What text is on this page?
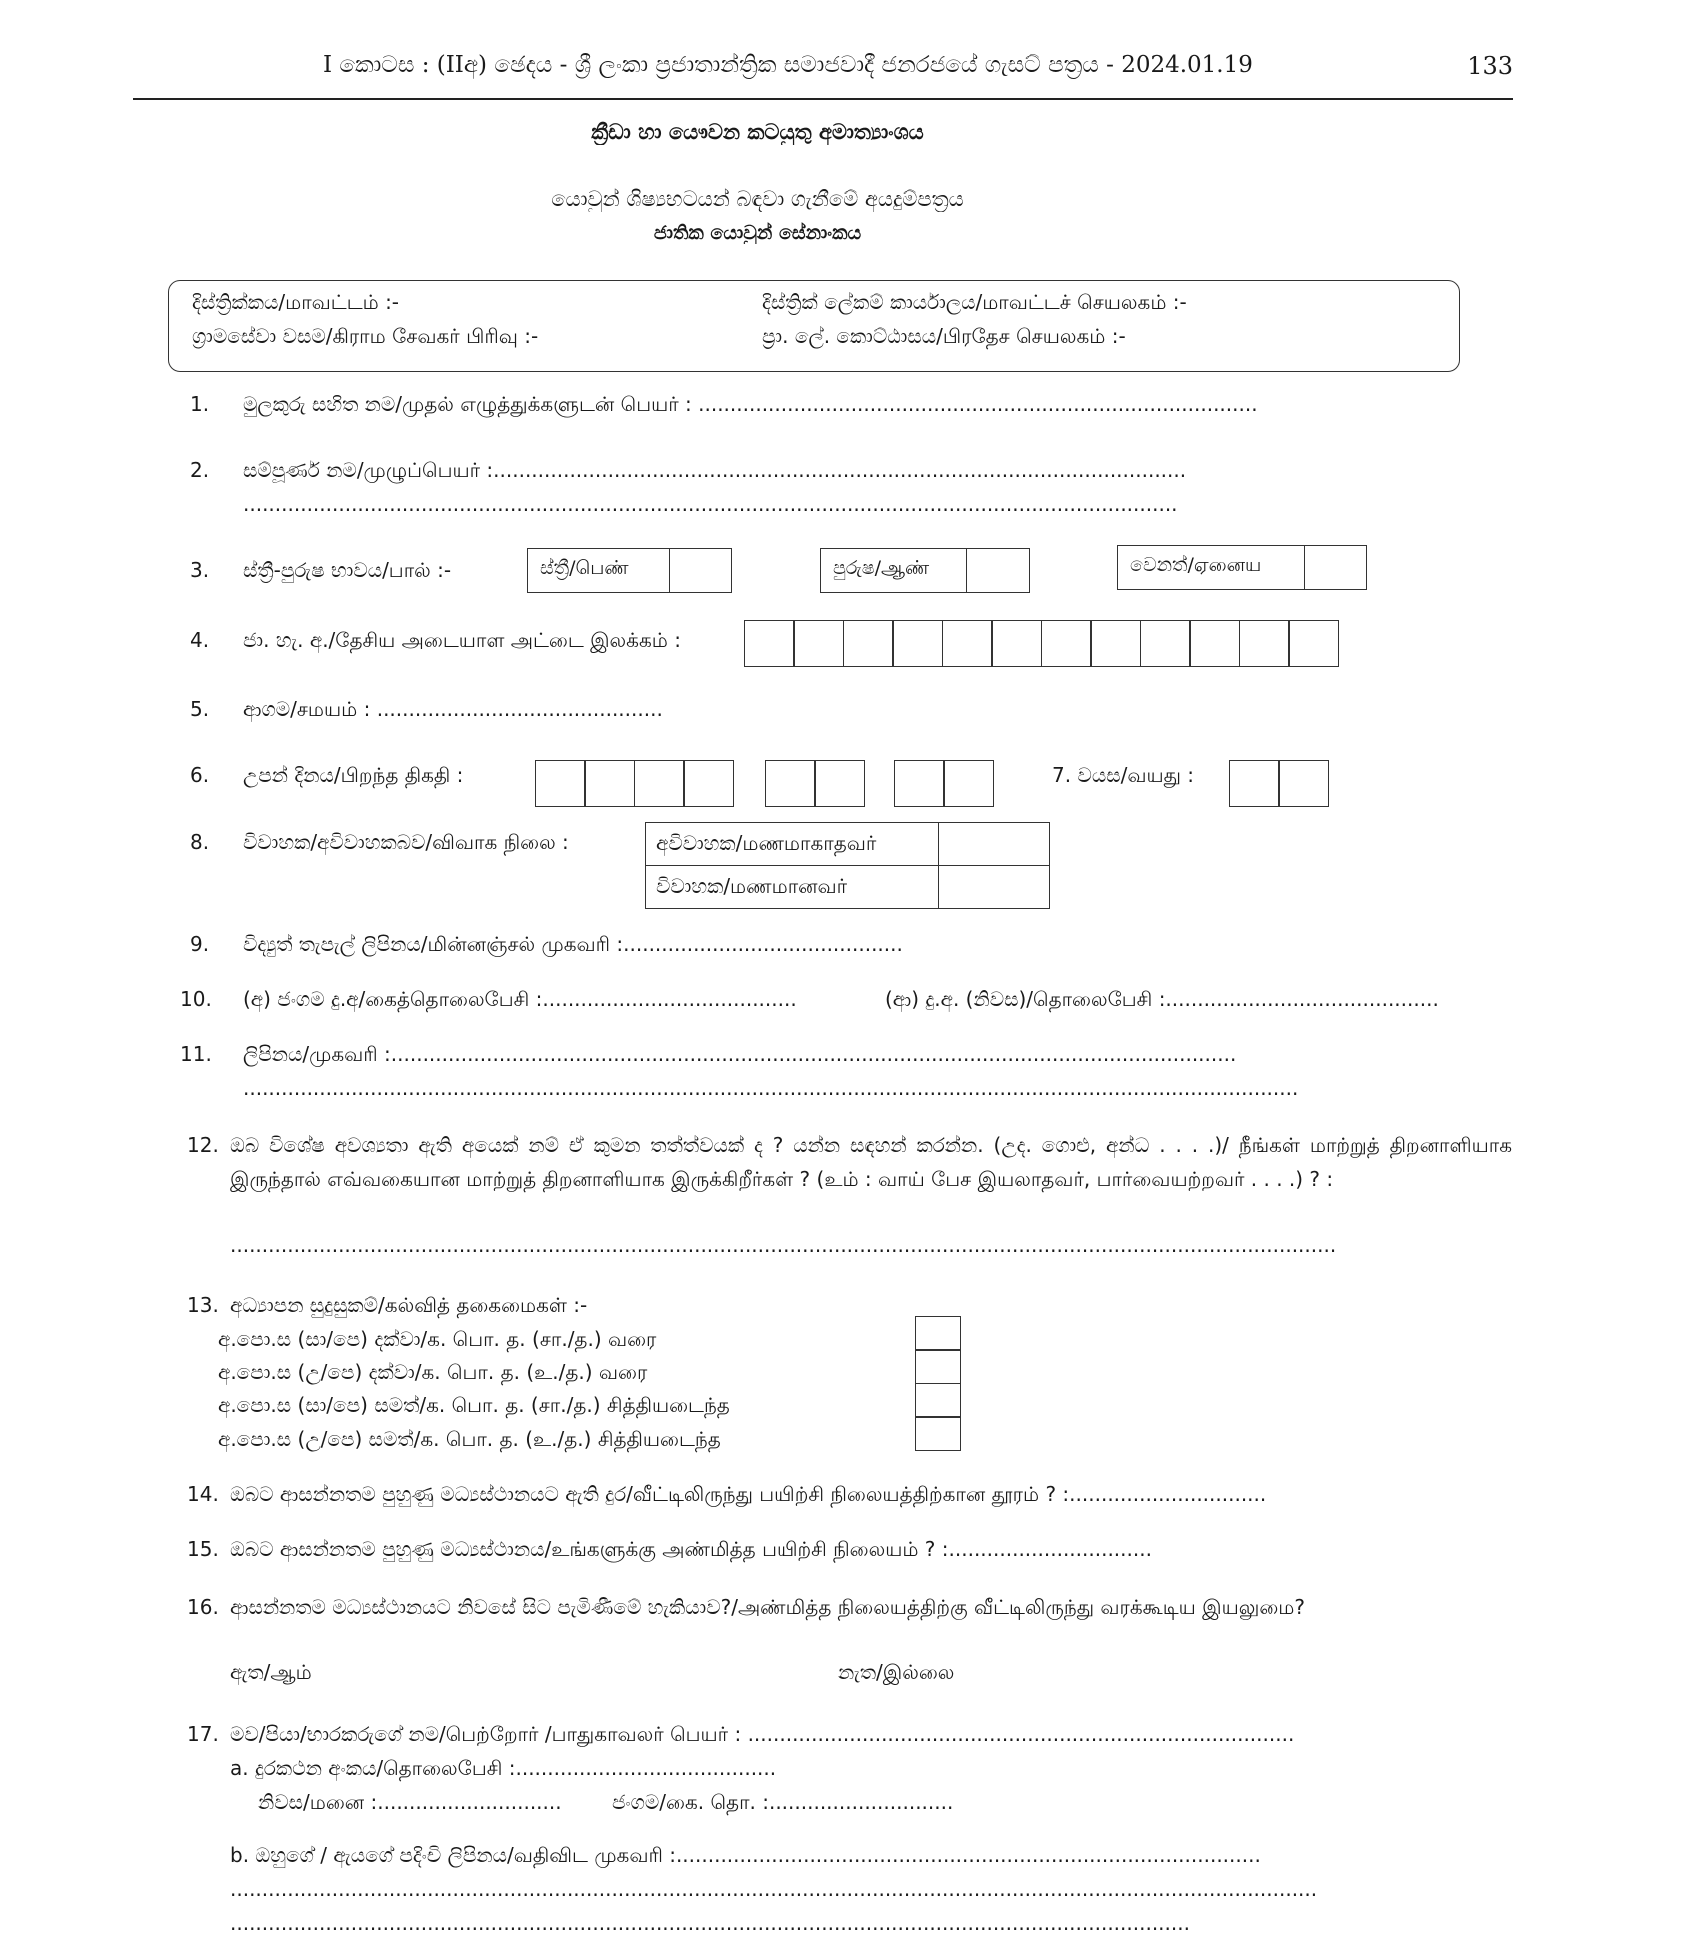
I කොටස : (IIඅ) ඡෙදය - ශ්‍රී ලංකා ප්‍රජාතාන්ත්‍රික සමාජවාදී ජනරජයේ ගැසට් පත්‍රය - 2024.01.19	133
ක්‍රීඩා හා යෞවන කටයුතු අමාත්‍යාංශය
යොවුන් ශිෂ්‍යභටයන් බඳවා ගැනීමේ අයදුම්පත්‍රය
ජාතික යොවුන් සේනාංකය
දිස්ත්‍රික්කය/மாவட்டம் :-	දිස්ත්‍රික් ලේකම් කාර්යාලය/மாவட்டச் செயலகம் :-
ග්‍රාමසේවා වසම/கிராம சேவகர் பிரிவு :-	ප්‍රා. ලේ. කොට්ඨාසය/பிரதேச செயலகம் :-
1. මුලකුරු සහිත නම/முதல் எழுத்துக்களுடன் பெயர் : ........................................................................................
2. සම්පූර්ණ නම/முழுப்பெயர் :.............................................................................................................
...................................................................................................................................................
3. ස්ත්‍රී-පුරුෂ භාවය/பால் :-	ස්ත්‍රී/பெண்	පුරුෂ/ஆண்	වෙනත්/ஏனைய
4. ජා. හැ. අ./தேசிய அடையாள அட்டை இலக்கம் :
5. ආගම/சமயம் : .............................................
6. උපන් දිනය/பிறந்த திகதி :	7. වයස/வயது :
8. විවාහක/අවිවාහකබව/விவாக நிலை :	අවිවාහක/மணமாகாதவர்	
විවාහක/மணமானவர்	
9. විද්‍යුත් තැපැල් ලිපිනය/மின்னஞ்சல் முகவரி :............................................
10. (අ) ජංගම දු.අ/கைத்தொலைபேசி :........................................	(ආ) දු.අ. (නිවස)/தொலைபேசி :...........................................
11. ලිපිනය/முகவரி :.....................................................................................................................................
......................................................................................................................................................................
12. ඔබ විශේෂ අවශ්‍යතා ඇති අයෙක් නම් ඒ කුමන තත්ත්වයක් ද ? යන්න සඳහන් කරන්න. (උද. ගොළු, අන්ධ . . . .)/ நீங்கள் மாற்றுத் திறனாளியாக இருந்தால் எவ்வகையான மாற்றுத் திறனாளியாக இருக்கிறீர்கள் ? (உம் : வாய் பேச இயலாதவர், பார்வையற்றவர் . . . .) ? :
..............................................................................................................................................................................
13. අධ්‍යාපන සුදුසුකම්/கல்வித் தகைமைகள் :-
අ.පො.ස (සා/පෙ) දක්වා/க. பொ. த. (சா./த.) வரை
අ.පො.ස (උ/පෙ) දක්වා/க. பொ. த. (உ./த.) வரை
අ.පො.ස (සා/පෙ) සමත්/க. பொ. த. (சா./த.) சித்தியடைந்த
අ.පො.ස (උ/පෙ) සමත්/க. பொ. த. (உ./த.) சித்தியடைந்த
14. ඔබට ආසන්නතම පුහුණු මධ්‍යස්ථානයට ඇති දුර/வீட்டிலிருந்து பயிற்சி நிலையத்திற்கான தூரம் ? :...............................
15. ඔබට ආසන්නතම පුහුණු මධ්‍යස්ථානය/உங்களுக்கு அண்மித்த பயிற்சி நிலையம் ? :................................
16. ආසන්නතම මධ්‍යස්ථානයට නිවසේ සිට පැමිණීමේ හැකියාව?/அண்மித்த நிலையத்திற்கு வீட்டிலிருந்து வரக்கூடிய இயலுமை?
ඇත/ஆம்	නැත/இல்லை
17. මව/පියා/භාරකරුගේ නම/பெற்றோர் /பாதுகாவலர் பெயர் : ......................................................................................
a. දුරකථන අංකය/தொலைபேசி :.........................................
නිවස/மனை :.............................	ජංගම/கை. தொ. :.............................
b. ඔහුගේ / ඇයගේ පදිංචි ලිපිනය/வதிவிட முகவரி :............................................................................................
...........................................................................................................................................................................
.......................................................................................................................................................
